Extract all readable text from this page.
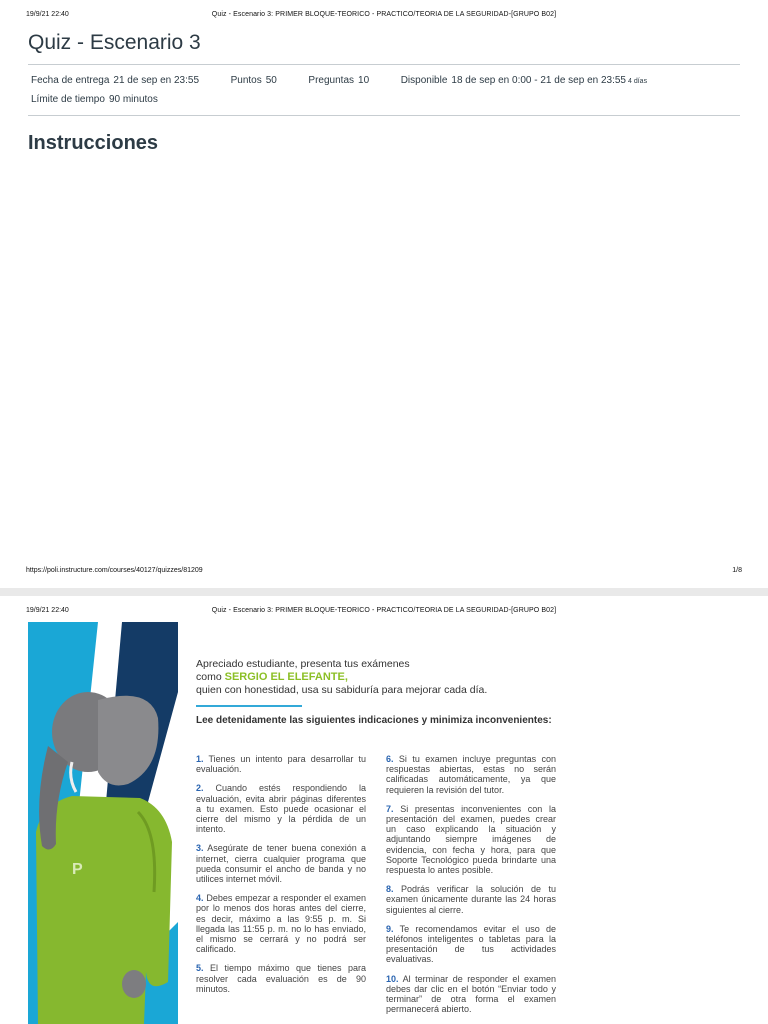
19/9/21 22:40	Quiz - Escenario 3: PRIMER BLOQUE-TEORICO - PRACTICO/TEORIA DE LA SEGURIDAD-[GRUPO B02]
Quiz - Escenario 3
Fecha de entrega 21 de sep en 23:55	Puntos 50	Preguntas 10	Disponible 18 de sep en 0:00 - 21 de sep en 23:55 4 días
Límite de tiempo 90 minutos
Instrucciones
https://poli.instructure.com/courses/40127/quizzes/81209	1/8
19/9/21 22:40	Quiz - Escenario 3: PRIMER BLOQUE-TEORICO - PRACTICO/TEORIA DE LA SEGURIDAD-[GRUPO B02]
P
Apreciado estudiante, presenta tus exámenes
como SERGIO EL ELEFANTE,
quien con honestidad, usa su sabiduría para mejorar cada día.
Lee detenidamente las siguientes indicaciones y minimiza inconvenientes:
1. Tienes un intento para desarrollar tu evaluación.
2. Cuando estés respondiendo la evaluación, evita abrir páginas diferentes a tu examen. Esto puede ocasionar el cierre del mismo y la pérdida de un intento.
3. Asegúrate de tener buena conexión a internet, cierra cualquier programa que pueda consumir el ancho de banda y no utilices internet móvil.
4. Debes empezar a responder el examen por lo menos dos horas antes del cierre, es decir, máximo a las 9:55 p. m. Si llegada las 11:55 p. m. no lo has enviado, el mismo se cerrará y no podrá ser calificado.
5. El tiempo máximo que tienes para resolver cada evaluación es de 90 minutos.
6. Si tu examen incluye preguntas con respuestas abiertas, estas no serán calificadas automáticamente, ya que requieren la revisión del tutor.
7. Si presentas inconvenientes con la presentación del examen, puedes crear un caso explicando la situación y adjuntando siempre imágenes de evidencia, con fecha y hora, para que Soporte Tecnológico pueda brindarte una respuesta lo antes posible.
8. Podrás verificar la solución de tu examen únicamente durante las 24 horas siguientes al cierre.
9. Te recomendamos evitar el uso de teléfonos inteligentes o tabletas para la presentación de tus actividades evaluativas.
10. Al terminar de responder el examen debes dar clic en el botón “Enviar todo y terminar” de otra forma el examen permanecerá abierto.
